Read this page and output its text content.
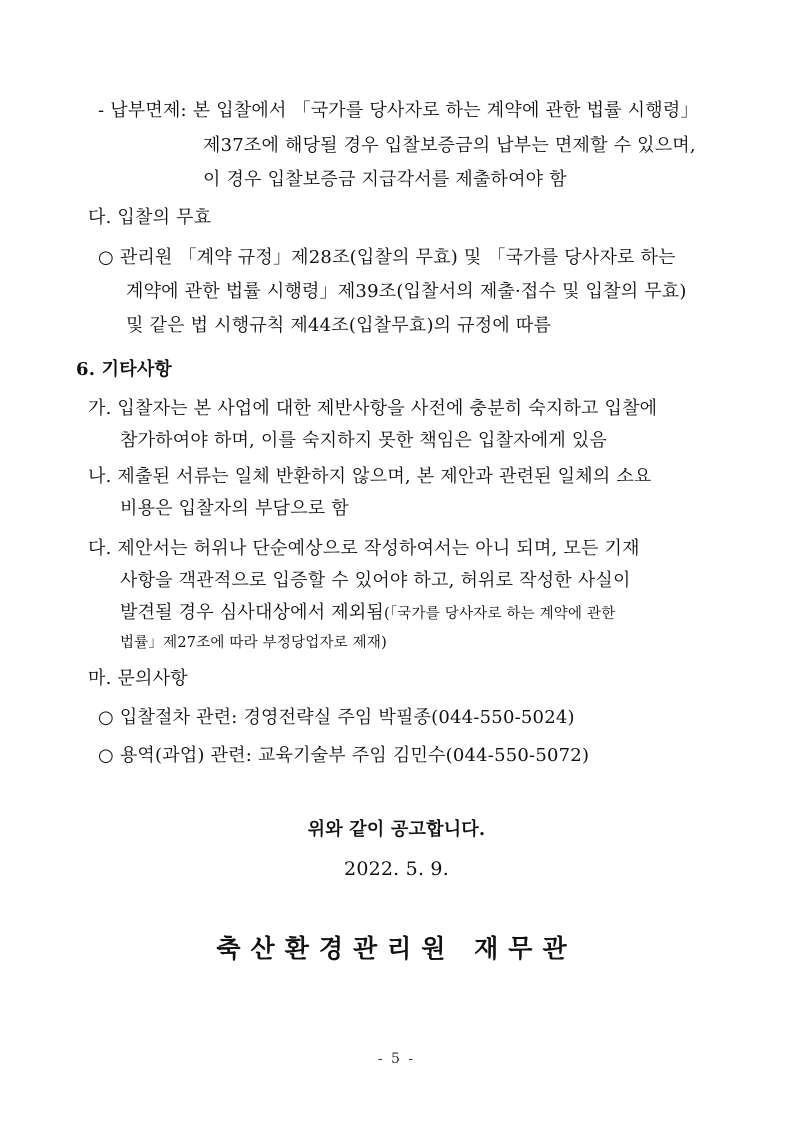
- 납부면제: 본 입찰에서 「국가를 당사자로 하는 계약에 관한 법률 시행령」
제37조에 해당될 경우 입찰보증금의 납부는 면제할 수 있으며,
이 경우 입찰보증금 지급각서를 제출하여야 함
다. 입찰의 무효
○ 관리원 「계약 규정」제28조(입찰의 무효) 및 「국가를 당사자로 하는
계약에 관한 법률 시행령」제39조(입찰서의 제출·접수 및 입찰의 무효)
및 같은 법 시행규칙 제44조(입찰무효)의 규정에 따름
6. 기타사항
가. 입찰자는 본 사업에 대한 제반사항을 사전에 충분히 숙지하고 입찰에
참가하여야 하며, 이를 숙지하지 못한 책임은 입찰자에게 있음
나. 제출된 서류는 일체 반환하지 않으며, 본 제안과 관련된 일체의 소요
비용은 입찰자의 부담으로 함
다. 제안서는 허위나 단순예상으로 작성하여서는 아니 되며, 모든 기재
사항을 객관적으로 입증할 수 있어야 하고, 허위로 작성한 사실이
발견될 경우 심사대상에서 제외됨(「국가를 당사자로 하는 계약에 관한
법률」제27조에 따라 부정당업자로 제재)
마. 문의사항
○ 입찰절차 관련: 경영전략실 주임 박필종(044-550-5024)
○ 용역(과업) 관련: 교육기술부 주임 김민수(044-550-5072)
위와 같이 공고합니다.
2022. 5. 9.
축산환경관리원 재무관
- 5 -
